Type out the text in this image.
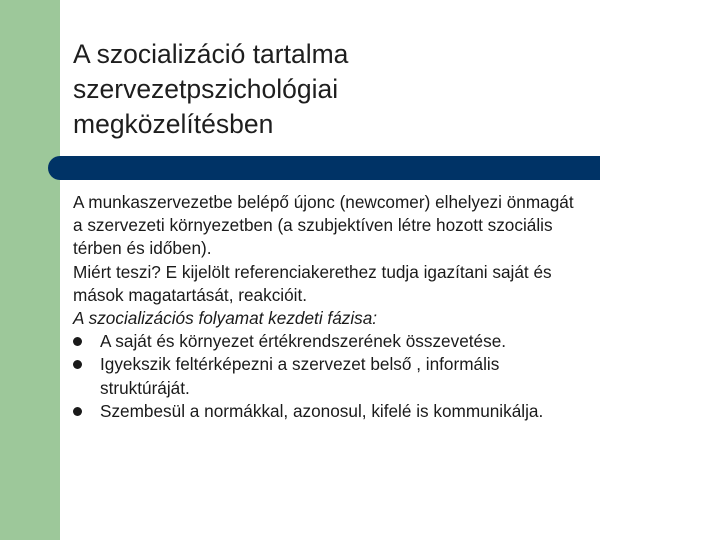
A szocializáció tartalma
szervezetpszichológiai
megközelítésben
A munkaszervezetbe belépő újonc (newcomer) elhelyezi önmagát
a szervezeti környezetben (a szubjektíven létre hozott szociális
térben és időben).
Miért teszi? E kijelölt referenciakerethez tudja igazítani saját és
mások magatartását, reakcióit.
A szocializációs folyamat kezdeti fázisa:
A saját és környezet értékrendszerének összevetése.
Igyekszik feltérképezni a szervezet belső , informális
struktúráját.
Szembesül a normákkal, azonosul, kifelé is kommunikálja.
